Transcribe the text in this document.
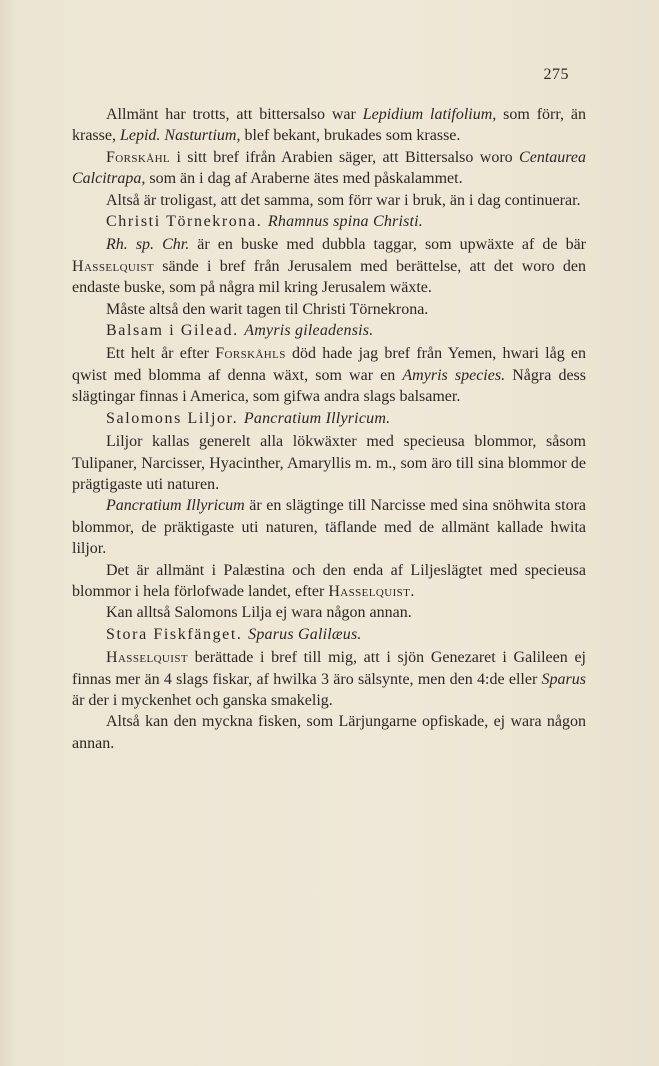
275

Allmänt har trotts, att bittersalso war Lepidium latifolium, som förr, än krasse, Lepid. Nasturtium, blef bekant, brukades som krasse.

Forskåhl i sitt bref ifrån Arabien säger, att Bittersalso woro Centaurea Calcitrapa, som än i dag af Araberne ätes med påskalammet.

Altså är troligast, att det samma, som förr war i bruk, än i dag continuerar.

Christi Törnekrona. Rhamnus spina Christi.

Rh. sp. Chr. är en buske med dubbla taggar, som upwäxte af de bär Hasselquist sände i bref från Jerusalem med berättelse, att det woro den endaste buske, som på några mil kring Jerusalem wäxte.

Måste altså den warit tagen til Christi Törnekrona.

Balsam i Gilead. Amyris gileadensis.

Ett helt år efter Forskåhls död hade jag bref från Yemen, hwari låg en qwist med blomma af denna wäxt, som war en Amyris species. Några dess slägtingar finnas i America, som gifwa andra slags balsamer.

Salomons Liljor. Pancratium Illyricum.

Liljor kallas generelt alla lökwäxter med specieusa blommor, såsom Tulipaner, Narcisser, Hyacinther, Amaryllis m. m., som äro till sina blommor de prägtigaste uti naturen.

Pancratium Illyricum är en slägtinge till Narcisse med sina snöhwita stora blommor, de präktigaste uti naturen, täflande med de allmänt kallade hwita liljor.

Det är allmänt i Palæstina och den enda af Liljeslägtet med specieusa blommor i hela förlofwade landet, efter Hasselquist.

Kan alltså Salomons Lilja ej wara någon annan.

Stora Fiskfänget. Sparus Galilæus.

Hasselquist berättade i bref till mig, att i sjön Genezaret i Galileen ej finnas mer än 4 slags fiskar, af hwilka 3 äro sälsynte, men den 4:de eller Sparus är der i myckenhet och ganska smakelig.

Altså kan den myckna fisken, som Lärjungarne opfiskade, ej wara någon annan.
